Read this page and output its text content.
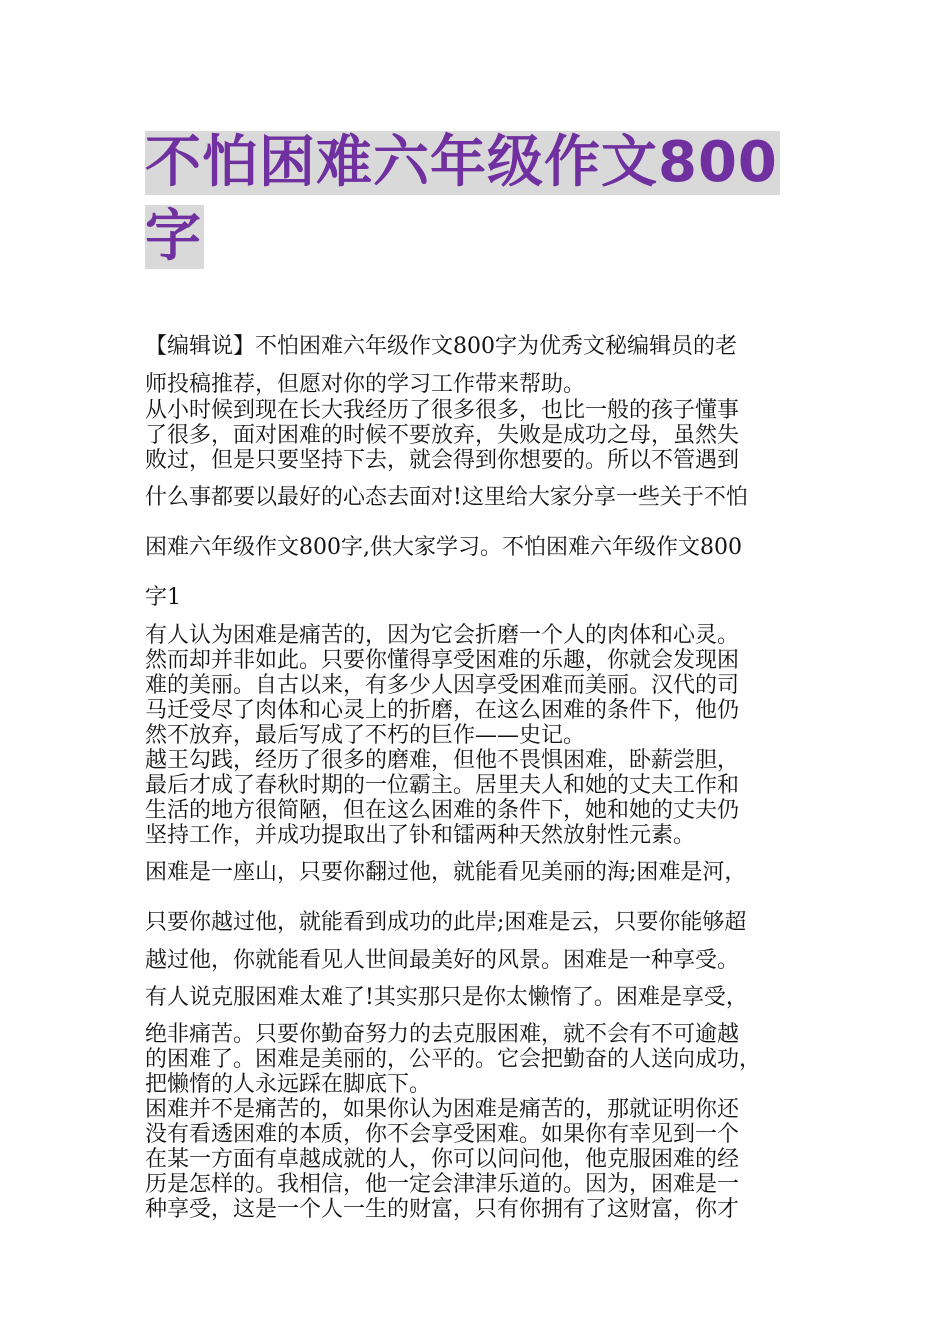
不怕困难六年级作文800
字
【编辑说】不怕困难六年级作文800字为优秀文秘编辑员的老
师投稿推荐，但愿对你的学习工作带来帮助。
从小时候到现在长大我经历了很多很多，也比一般的孩子懂事
了很多，面对困难的时候不要放弃，失败是成功之母，虽然失
败过，但是只要坚持下去，就会得到你想要的。所以不管遇到
什么事都要以最好的心态去面对!这里给大家分享一些关于不怕
困难六年级作文800字,供大家学习。不怕困难六年级作文800
字1
有人认为困难是痛苦的，因为它会折磨一个人的肉体和心灵。
然而却并非如此。只要你懂得享受困难的乐趣，你就会发现困
难的美丽。自古以来，有多少人因享受困难而美丽。汉代的司
马迁受尽了肉体和心灵上的折磨，在这么困难的条件下，他仍
然不放弃，最后写成了不朽的巨作——史记。
越王勾践，经历了很多的磨难，但他不畏惧困难，卧薪尝胆，
最后才成了春秋时期的一位霸主。居里夫人和她的丈夫工作和
生活的地方很简陋，但在这么困难的条件下，她和她的丈夫仍
坚持工作，并成功提取出了钋和镭两种天然放射性元素。
困难是一座山，只要你翻过他，就能看见美丽的海;困难是河，
只要你越过他，就能看到成功的此岸;困难是云，只要你能够超
越过他，你就能看见人世间最美好的风景。困难是一种享受。
有人说克服困难太难了!其实那只是你太懒惰了。困难是享受，
绝非痛苦。只要你勤奋努力的去克服困难，就不会有不可逾越
的困难了。困难是美丽的，公平的。它会把勤奋的人送向成功，
把懒惰的人永远踩在脚底下。
困难并不是痛苦的，如果你认为困难是痛苦的，那就证明你还
没有看透困难的本质，你不会享受困难。如果你有幸见到一个
在某一方面有卓越成就的人，你可以问问他，他克服困难的经
历是怎样的。我相信，他一定会津津乐道的。因为，困难是一
种享受，这是一个人一生的财富，只有你拥有了这财富，你才
